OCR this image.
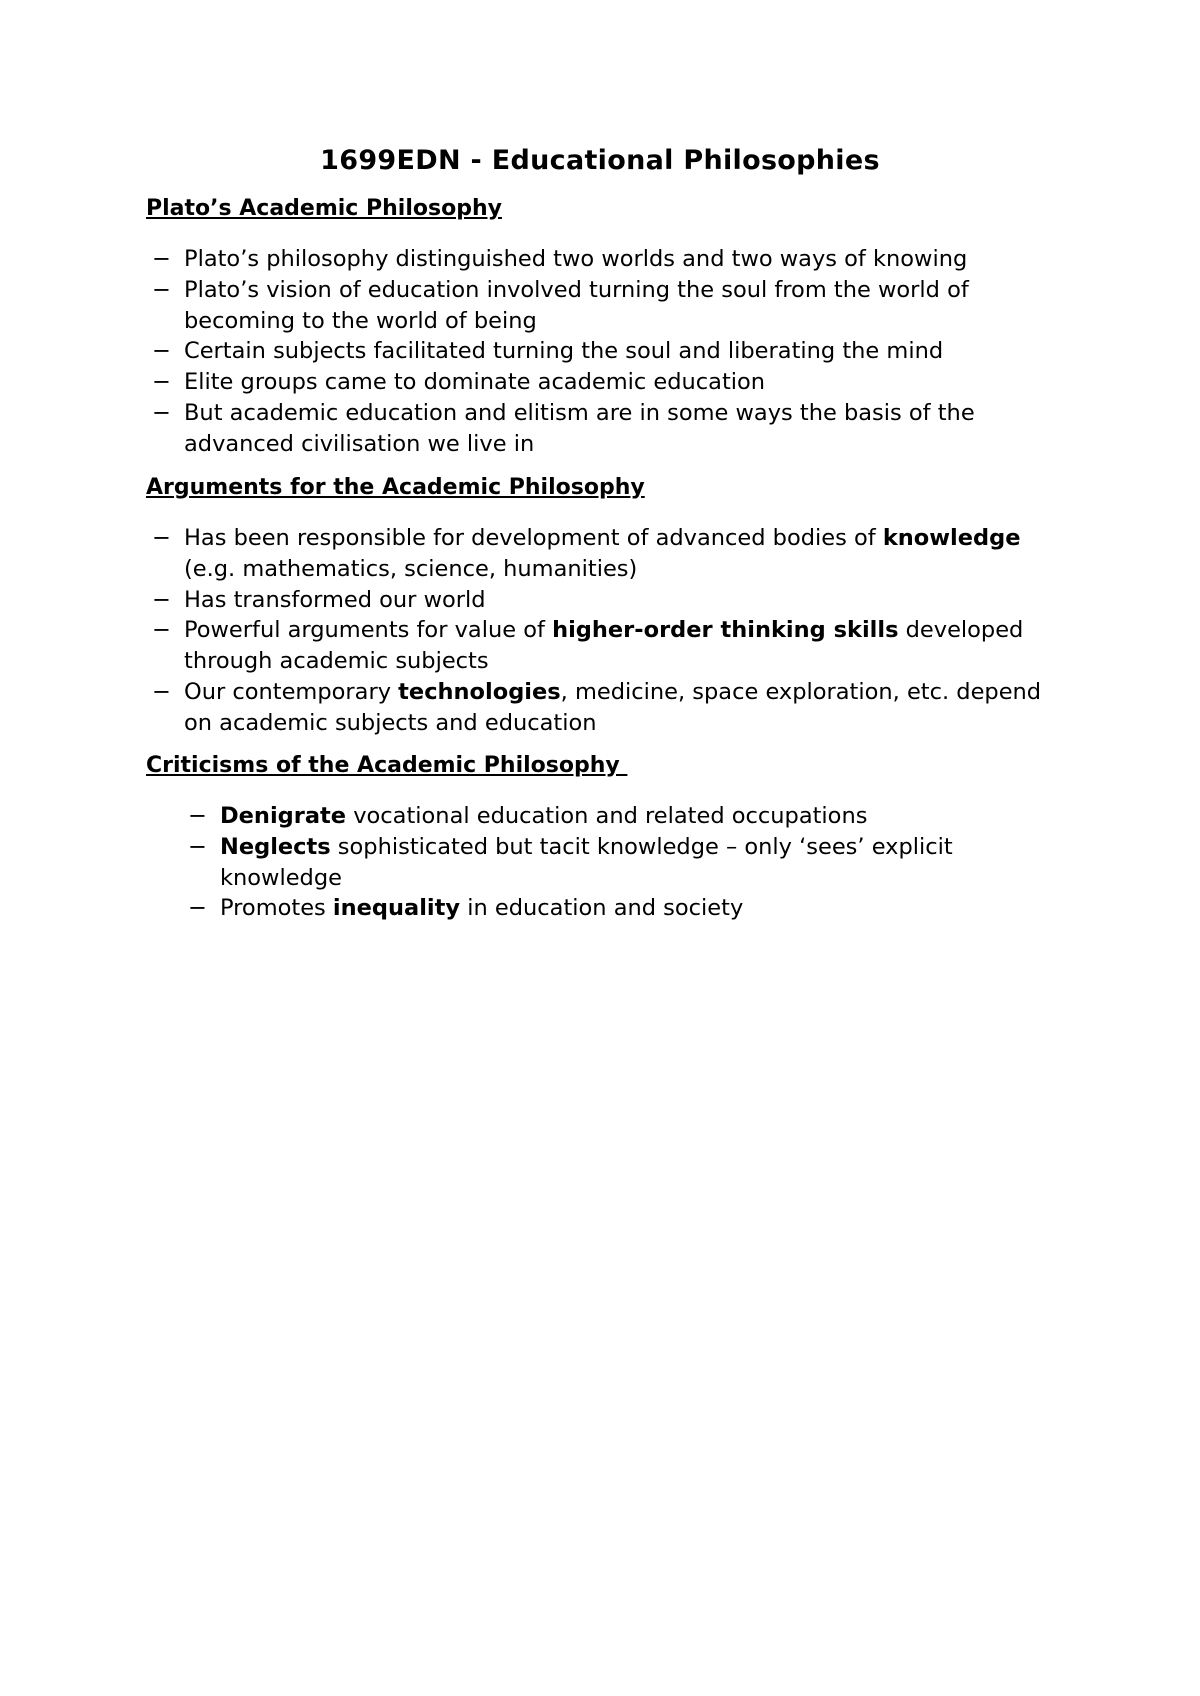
1699EDN - Educational Philosophies
Plato’s Academic Philosophy
− Plato’s philosophy distinguished two worlds and two ways of knowing
− Plato’s vision of education involved turning the soul from the world of becoming to the world of being
− Certain subjects facilitated turning the soul and liberating the mind
− Elite groups came to dominate academic education
− But academic education and elitism are in some ways the basis of the advanced civilisation we live in
Arguments for the Academic Philosophy
− Has been responsible for development of advanced bodies of knowledge (e.g. mathematics, science, humanities)
− Has transformed our world
− Powerful arguments for value of higher-order thinking skills developed through academic subjects
− Our contemporary technologies, medicine, space exploration, etc. depend on academic subjects and education
Criticisms of the Academic Philosophy
− Denigrate vocational education and related occupations
− Neglects sophisticated but tacit knowledge – only ‘sees’ explicit knowledge
− Promotes inequality in education and society
